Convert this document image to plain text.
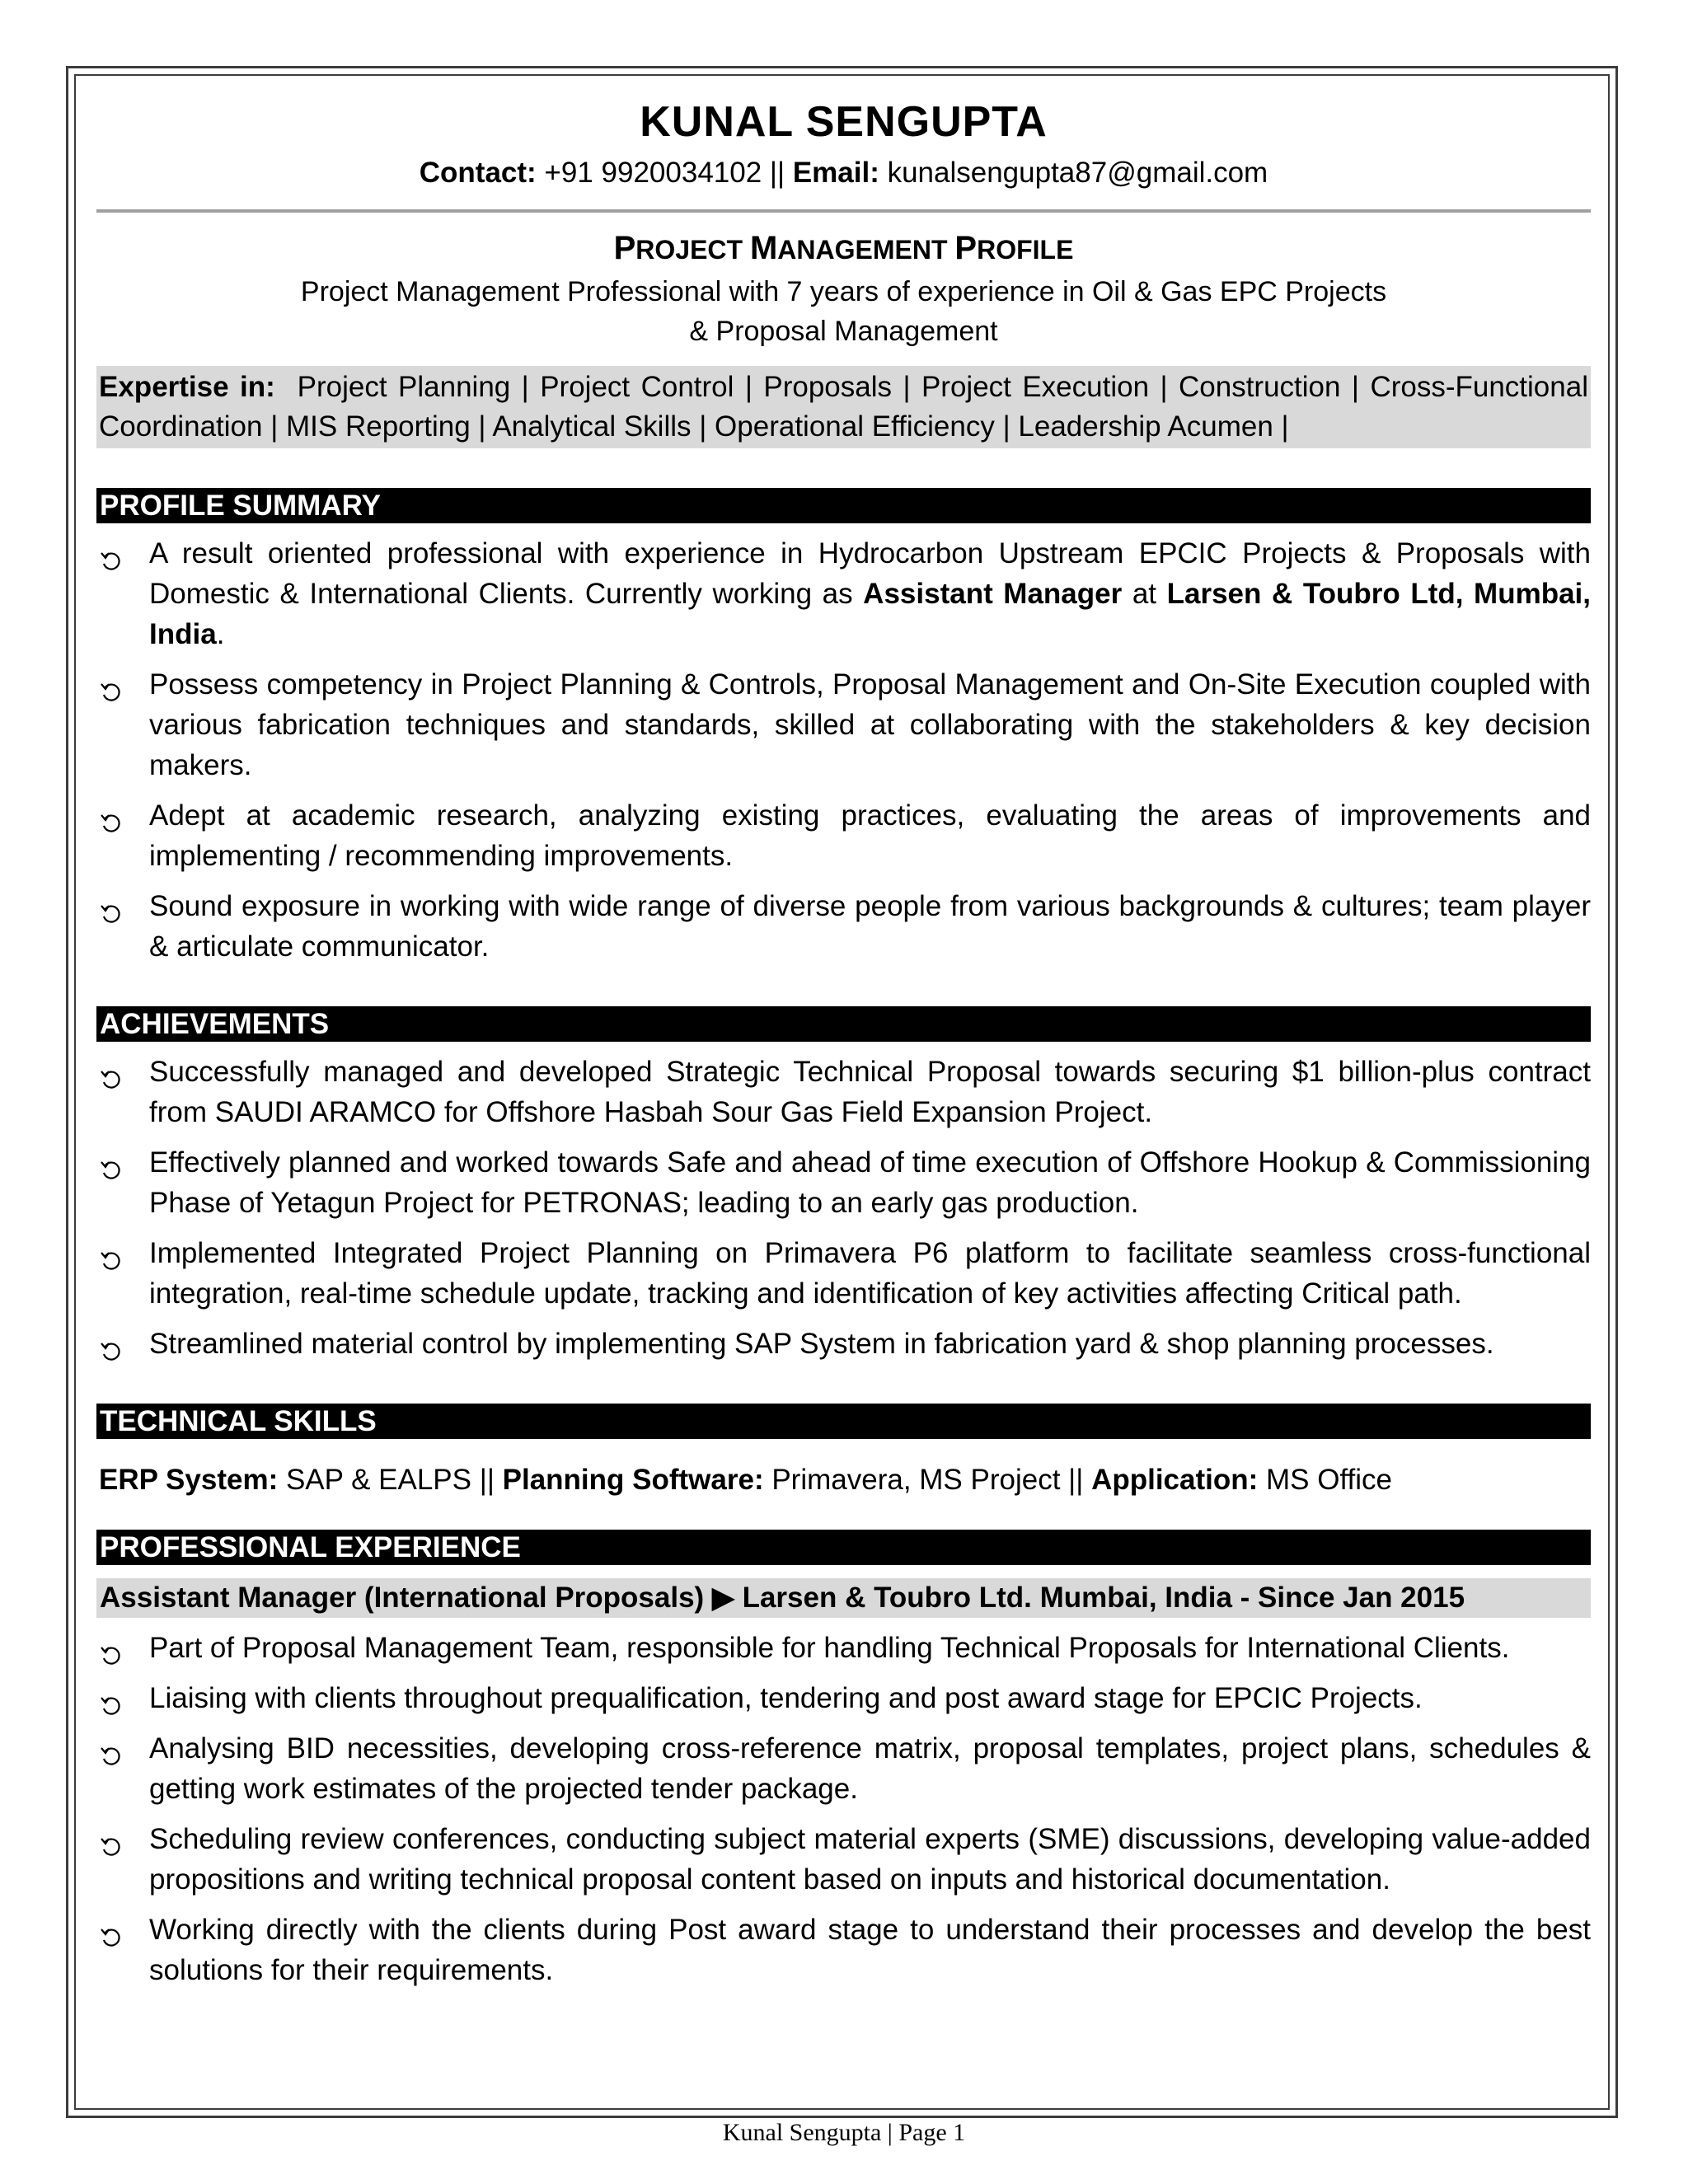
KUNAL SENGUPTA
Contact: +91 9920034102 || Email: kunalsengupta87@gmail.com
PROJECT MANAGEMENT PROFILE
Project Management Professional with 7 years of experience in Oil & Gas EPC Projects
& Proposal Management
Expertise in:  Project Planning | Project Control | Proposals | Project Execution | Construction | Cross-Functional Coordination | MIS Reporting | Analytical Skills | Operational Efficiency | Leadership Acumen |
PROFILE SUMMARY
A result oriented professional with experience in Hydrocarbon Upstream EPCIC Projects & Proposals with Domestic & International Clients. Currently working as Assistant Manager at Larsen & Toubro Ltd, Mumbai, India.
Possess competency in Project Planning & Controls, Proposal Management and On-Site Execution coupled with various fabrication techniques and standards, skilled at collaborating with the stakeholders & key decision makers.
Adept at academic research, analyzing existing practices, evaluating the areas of improvements and implementing / recommending improvements.
Sound exposure in working with wide range of diverse people from various backgrounds & cultures; team player & articulate communicator.
ACHIEVEMENTS
Successfully managed and developed Strategic Technical Proposal towards securing $1 billion-plus contract from SAUDI ARAMCO for Offshore Hasbah Sour Gas Field Expansion Project.
Effectively planned and worked towards Safe and ahead of time execution of Offshore Hookup & Commissioning Phase of Yetagun Project for PETRONAS; leading to an early gas production.
Implemented Integrated Project Planning on Primavera P6 platform to facilitate seamless cross-functional integration, real-time schedule update, tracking and identification of key activities affecting Critical path.
Streamlined material control by implementing SAP System in fabrication yard & shop planning processes.
TECHNICAL SKILLS
ERP System: SAP & EALPS || Planning Software: Primavera, MS Project || Application: MS Office
PROFESSIONAL EXPERIENCE
Assistant Manager (International Proposals) ▶ Larsen & Toubro Ltd. Mumbai, India - Since Jan 2015
Part of Proposal Management Team, responsible for handling Technical Proposals for International Clients.
Liaising with clients throughout prequalification, tendering and post award stage for EPCIC Projects.
Analysing BID necessities, developing cross-reference matrix, proposal templates, project plans, schedules & getting work estimates of the projected tender package.
Scheduling review conferences, conducting subject material experts (SME) discussions, developing value-added propositions and writing technical proposal content based on inputs and historical documentation.
Working directly with the clients during Post award stage to understand their processes and develop the best solutions for their requirements.
Kunal Sengupta | Page 1
